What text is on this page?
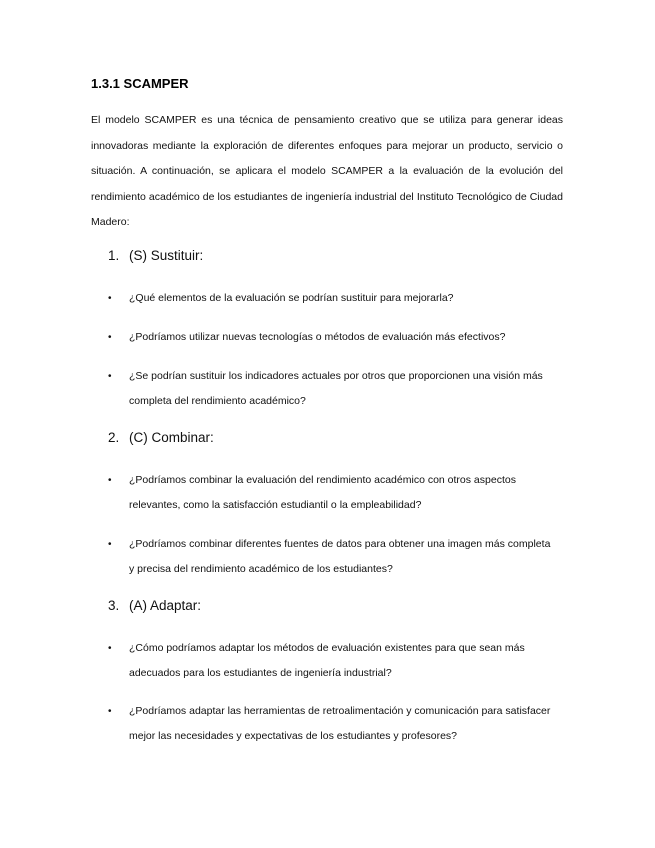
1.3.1 SCAMPER
El modelo SCAMPER es una técnica de pensamiento creativo que se utiliza para generar ideas innovadoras mediante la exploración de diferentes enfoques para mejorar un producto, servicio o situación. A continuación, se aplicara el modelo SCAMPER a la evaluación de la evolución del rendimiento académico de los estudiantes de ingeniería industrial del Instituto Tecnológico de Ciudad Madero:
1. (S) Sustituir:
•	¿Qué elementos de la evaluación se podrían sustituir para mejorarla?
•	¿Podríamos utilizar nuevas tecnologías o métodos de evaluación más efectivos?
•	¿Se podrían sustituir los indicadores actuales por otros que proporcionen una visión más completa del rendimiento académico?
2. (C) Combinar:
•	¿Podríamos combinar la evaluación del rendimiento académico con otros aspectos relevantes, como la satisfacción estudiantil o la empleabilidad?
•	¿Podríamos combinar diferentes fuentes de datos para obtener una imagen más completa y precisa del rendimiento académico de los estudiantes?
3. (A) Adaptar:
•	¿Cómo podríamos adaptar los métodos de evaluación existentes para que sean más adecuados para los estudiantes de ingeniería industrial?
•	¿Podríamos adaptar las herramientas de retroalimentación y comunicación para satisfacer mejor las necesidades y expectativas de los estudiantes y profesores?
